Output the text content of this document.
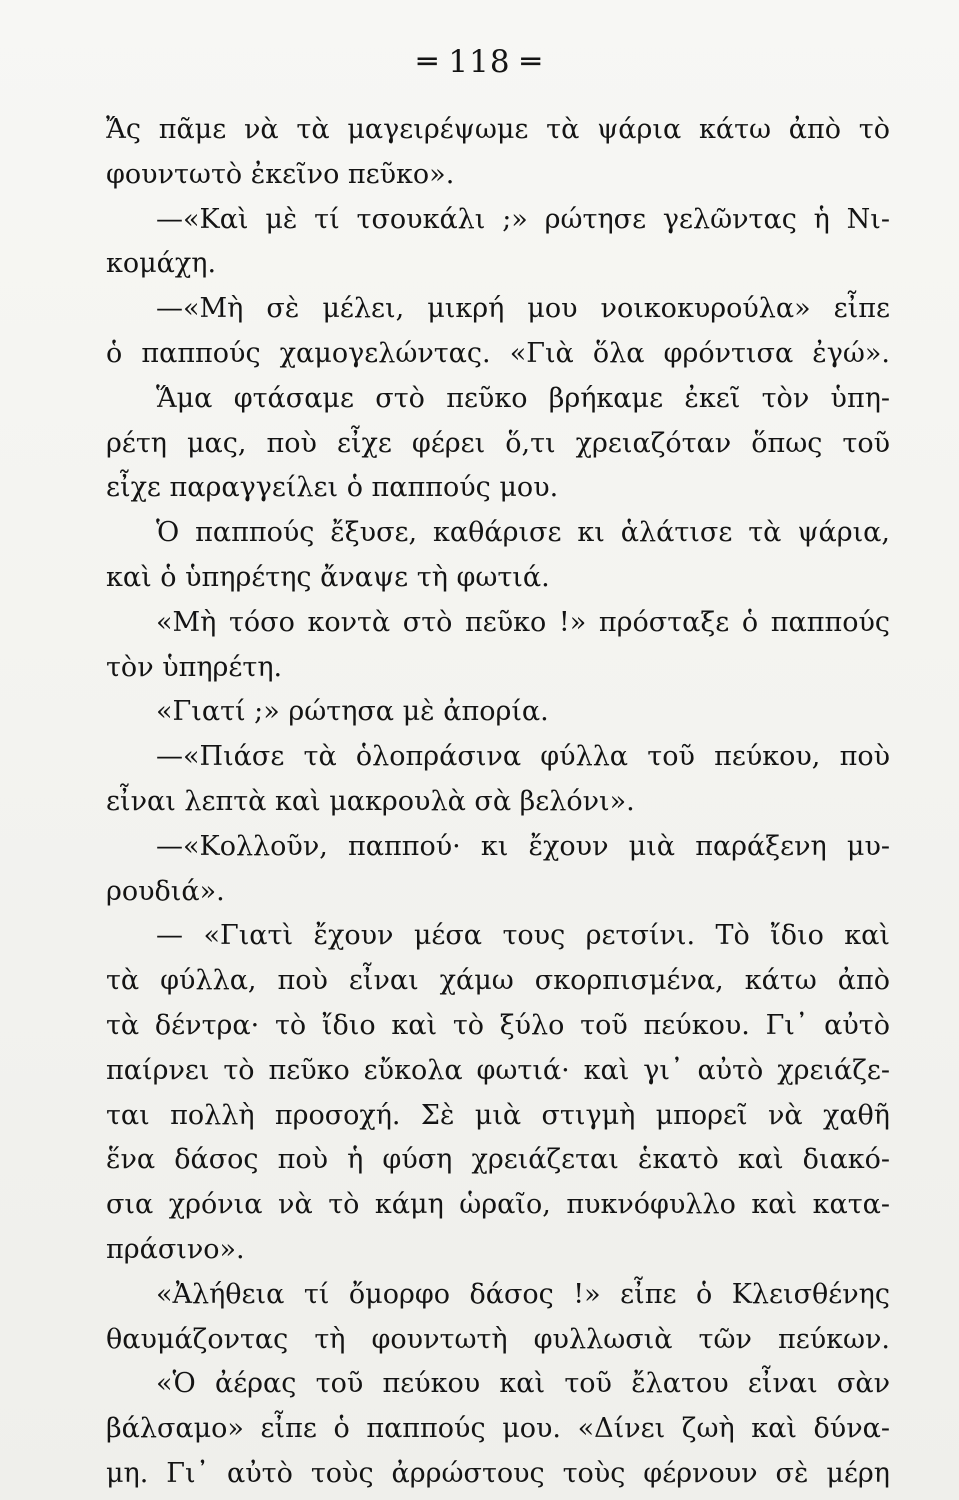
═ 118 ═
Ἄς πᾶμε νὰ τὰ μαγειρέψωμε τὰ ψάρια κάτω ἀπὸ τὸ
φουντωτὸ ἐκεῖνο πεῦκο».
—«Καὶ μὲ τί τσουκάλι ;» ρώτησε γελῶντας ἡ Νι-
κομάχη.
—«Μὴ σὲ μέλει, μικρή μου νοικοκυρούλα» εἶπε
ὁ παππούς χαμογελώντας. «Γιὰ ὅλα φρόντισα ἐγώ».
Ἅμα φτάσαμε στὸ πεῦκο βρήκαμε ἐκεῖ τὸν ὑπη-
ρέτη μας, ποὺ εἶχε φέρει ὅ,τι χρειαζόταν ὅπως τοῦ
εἶχε παραγγείλει ὁ παππούς μου.
Ὁ παππούς ἔξυσε, καθάρισε κι ἁλάτισε τὰ ψάρια,
καὶ ὁ ὑπηρέτης ἄναψε τὴ φωτιά.
«Μὴ τόσο κοντὰ στὸ πεῦκο !» πρόσταξε ὁ παππούς
τὸν ὑπηρέτη.
«Γιατί ;» ρώτησα μὲ ἀπορία.
—«Πιάσε τὰ ὁλοπράσινα φύλλα τοῦ πεύκου, ποὺ
εἶναι λεπτὰ καὶ μακρουλὰ σὰ βελόνι».
—«Κολλοῦν, παππού· κι ἔχουν μιὰ παράξενη μυ-
ρουδιά».
— «Γιατὶ ἔχουν μέσα τους ρετσίνι. Τὸ ἴδιο καὶ
τὰ φύλλα, ποὺ εἶναι χάμω σκορπισμένα, κάτω ἀπὸ
τὰ δέντρα· τὸ ἴδιο καὶ τὸ ξύλο τοῦ πεύκου. Γι᾿ αὐτὸ
παίρνει τὸ πεῦκο εὔκολα φωτιά· καὶ γι᾿ αὐτὸ χρειάζε-
ται πολλὴ προσοχή. Σὲ μιὰ στιγμὴ μπορεῖ νὰ χαθῆ
ἕνα δάσος ποὺ ἡ φύση χρειάζεται ἑκατὸ καὶ διακό-
σια χρόνια νὰ τὸ κάμη ὡραῖο, πυκνόφυλλο καὶ κατα-
πράσινο».
«Ἀλήθεια τί ὄμορφο δάσος !» εἶπε ὁ Κλεισθένης
θαυμάζοντας τὴ φουντωτὴ φυλλωσιὰ τῶν πεύκων.
«Ὁ ἀέρας τοῦ πεύκου καὶ τοῦ ἔλατου εἶναι σὰν
βάλσαμο» εἶπε ὁ παππούς μου. «Δίνει ζωὴ καὶ δύνα-
μη. Γι᾿ αὐτὸ τοὺς ἀρρώστους τοὺς φέρνουν σὲ μέρη
